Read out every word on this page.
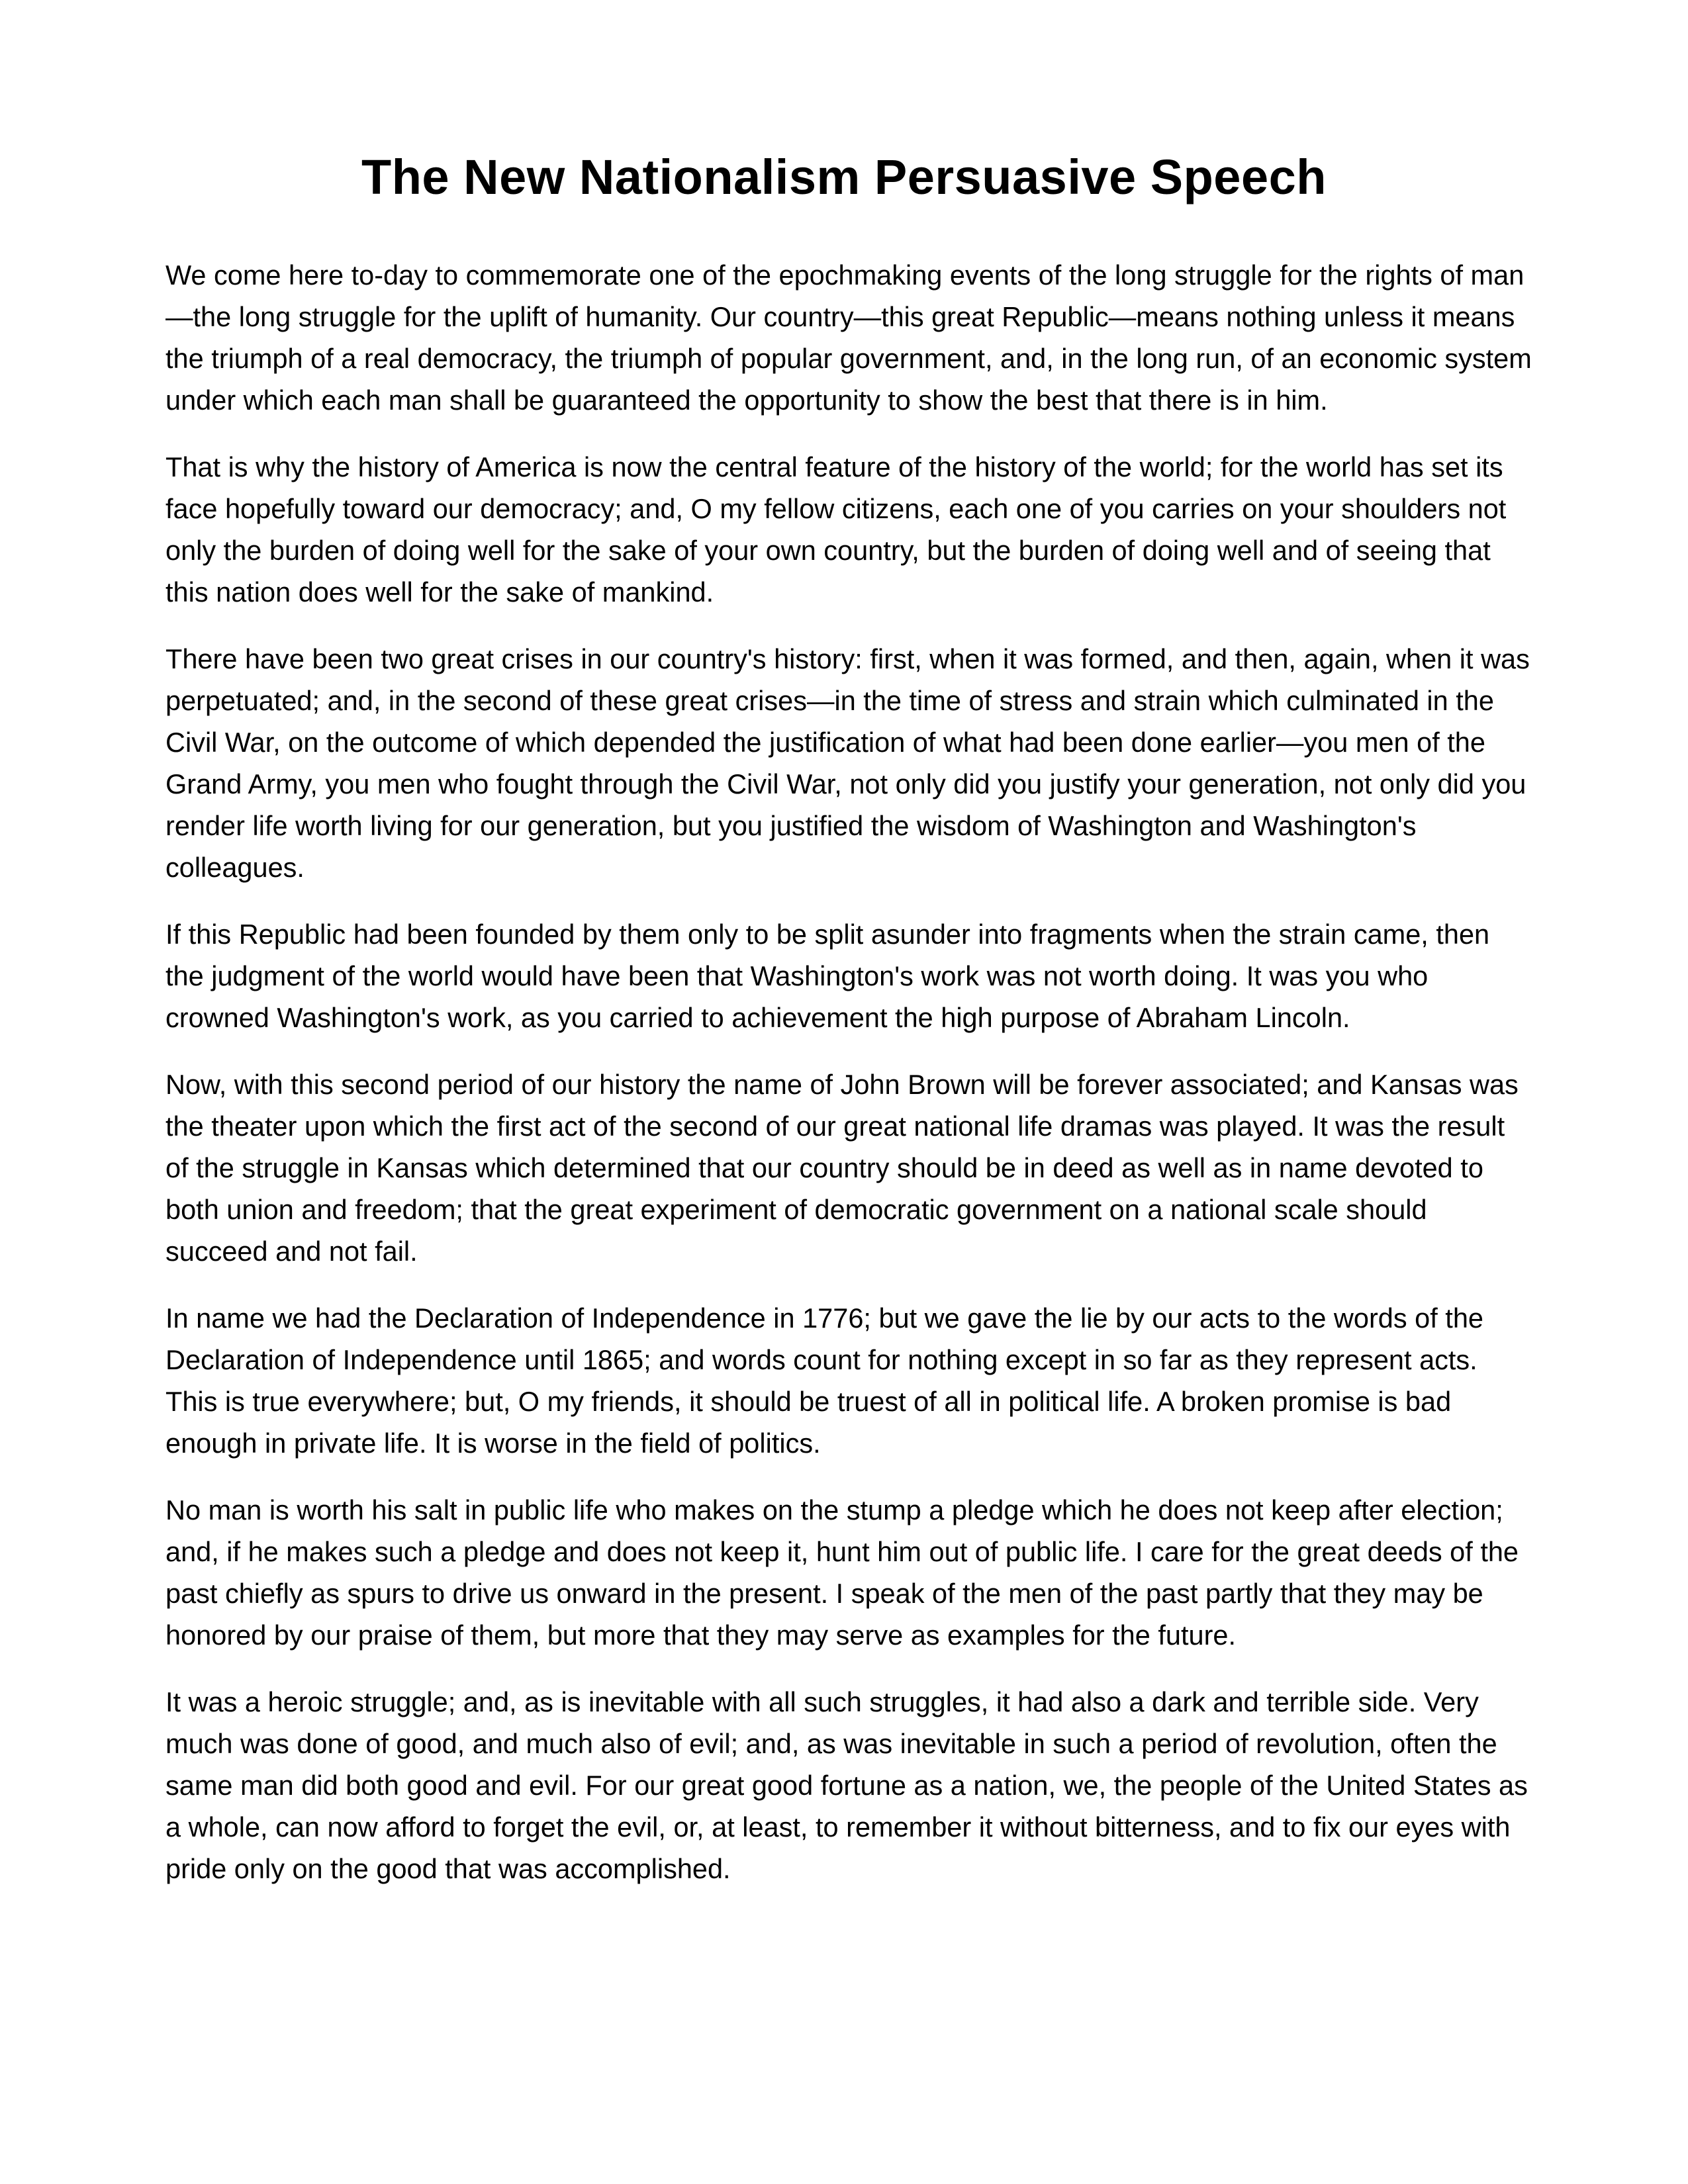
The New Nationalism Persuasive Speech

We come here to-day to commemorate one of the epochmaking events of the long struggle for the rights of man—the long struggle for the uplift of humanity. Our country—this great Republic—means nothing unless it means the triumph of a real democracy, the triumph of popular government, and, in the long run, of an economic system under which each man shall be guaranteed the opportunity to show the best that there is in him.

That is why the history of America is now the central feature of the history of the world; for the world has set its face hopefully toward our democracy; and, O my fellow citizens, each one of you carries on your shoulders not only the burden of doing well for the sake of your own country, but the burden of doing well and of seeing that this nation does well for the sake of mankind.

There have been two great crises in our country's history: first, when it was formed, and then, again, when it was perpetuated; and, in the second of these great crises—in the time of stress and strain which culminated in the Civil War, on the outcome of which depended the justification of what had been done earlier—you men of the Grand Army, you men who fought through the Civil War, not only did you justify your generation, not only did you render life worth living for our generation, but you justified the wisdom of Washington and Washington's colleagues.

If this Republic had been founded by them only to be split asunder into fragments when the strain came, then the judgment of the world would have been that Washington's work was not worth doing. It was you who crowned Washington's work, as you carried to achievement the high purpose of Abraham Lincoln.

Now, with this second period of our history the name of John Brown will be forever associated; and Kansas was the theater upon which the first act of the second of our great national life dramas was played. It was the result of the struggle in Kansas which determined that our country should be in deed as well as in name devoted to both union and freedom; that the great experiment of democratic government on a national scale should succeed and not fail.

In name we had the Declaration of Independence in 1776; but we gave the lie by our acts to the words of the Declaration of Independence until 1865; and words count for nothing except in so far as they represent acts. This is true everywhere; but, O my friends, it should be truest of all in political life. A broken promise is bad enough in private life. It is worse in the field of politics.

No man is worth his salt in public life who makes on the stump a pledge which he does not keep after election; and, if he makes such a pledge and does not keep it, hunt him out of public life. I care for the great deeds of the past chiefly as spurs to drive us onward in the present. I speak of the men of the past partly that they may be honored by our praise of them, but more that they may serve as examples for the future.

It was a heroic struggle; and, as is inevitable with all such struggles, it had also a dark and terrible side. Very much was done of good, and much also of evil; and, as was inevitable in such a period of revolution, often the same man did both good and evil. For our great good fortune as a nation, we, the people of the United States as a whole, can now afford to forget the evil, or, at least, to remember it without bitterness, and to fix our eyes with pride only on the good that was accomplished.
